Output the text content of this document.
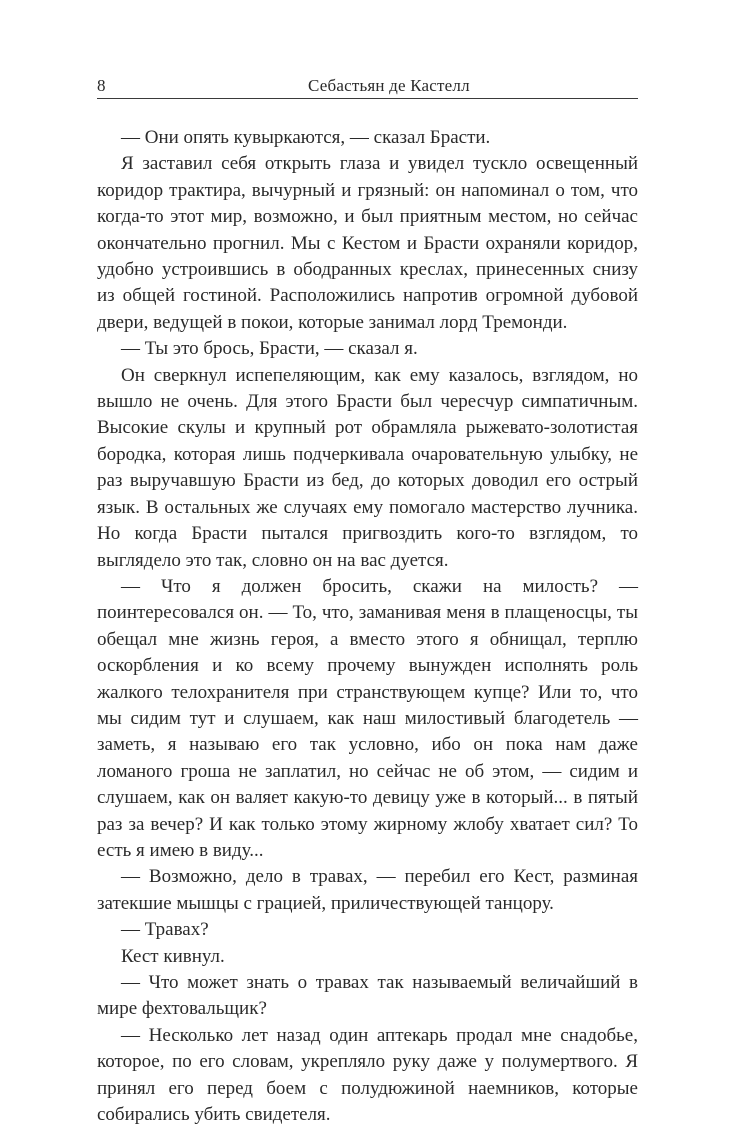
8	Себастьян де Кастелл

— Они опять кувыркаются, — сказал Брасти.

Я заставил себя открыть глаза и увидел тускло освещенный коридор трактира, вычурный и грязный: он напоминал о том, что когда-то этот мир, возможно, и был приятным местом, но сейчас окончательно прогнил. Мы с Кестом и Брасти охраняли коридор, удобно устроившись в ободранных креслах, принесенных снизу из общей гостиной. Расположились напротив огромной дубовой двери, ведущей в покои, которые занимал лорд Тремонди.

— Ты это брось, Брасти, — сказал я.

Он сверкнул испепеляющим, как ему казалось, взглядом, но вышло не очень. Для этого Брасти был чересчур симпатичным. Высокие скулы и крупный рот обрамляла рыжевато-золотистая бородка, которая лишь подчеркивала очаровательную улыбку, не раз выручавшую Брасти из бед, до которых доводил его острый язык. В остальных же случаях ему помогало мастерство лучника. Но когда Брасти пытался пригвоздить кого-то взглядом, то выглядело это так, словно он на вас дуется.

— Что я должен бросить, скажи на милость? — поинтересовался он. — То, что, заманивая меня в плащеносцы, ты обещал мне жизнь героя, а вместо этого я обнищал, терплю оскорбления и ко всему прочему вынужден исполнять роль жалкого телохранителя при странствующем купце? Или то, что мы сидим тут и слушаем, как наш милостивый благодетель — заметь, я называю его так условно, ибо он пока нам даже ломаного гроша не заплатил, но сейчас не об этом, — сидим и слушаем, как он валяет какую-то девицу уже в который... в пятый раз за вечер? И как только этому жирному жлобу хватает сил? То есть я имею в виду...

— Возможно, дело в травах, — перебил его Кест, разминая затекшие мышцы с грацией, приличествующей танцору.

— Травах?

Кест кивнул.

— Что может знать о травах так называемый величайший в мире фехтовальщик?

— Несколько лет назад один аптекарь продал мне снадобье, которое, по его словам, укрепляло руку даже у полумертвого. Я принял его перед боем с полудюжиной наемников, которые собирались убить свидетеля.
